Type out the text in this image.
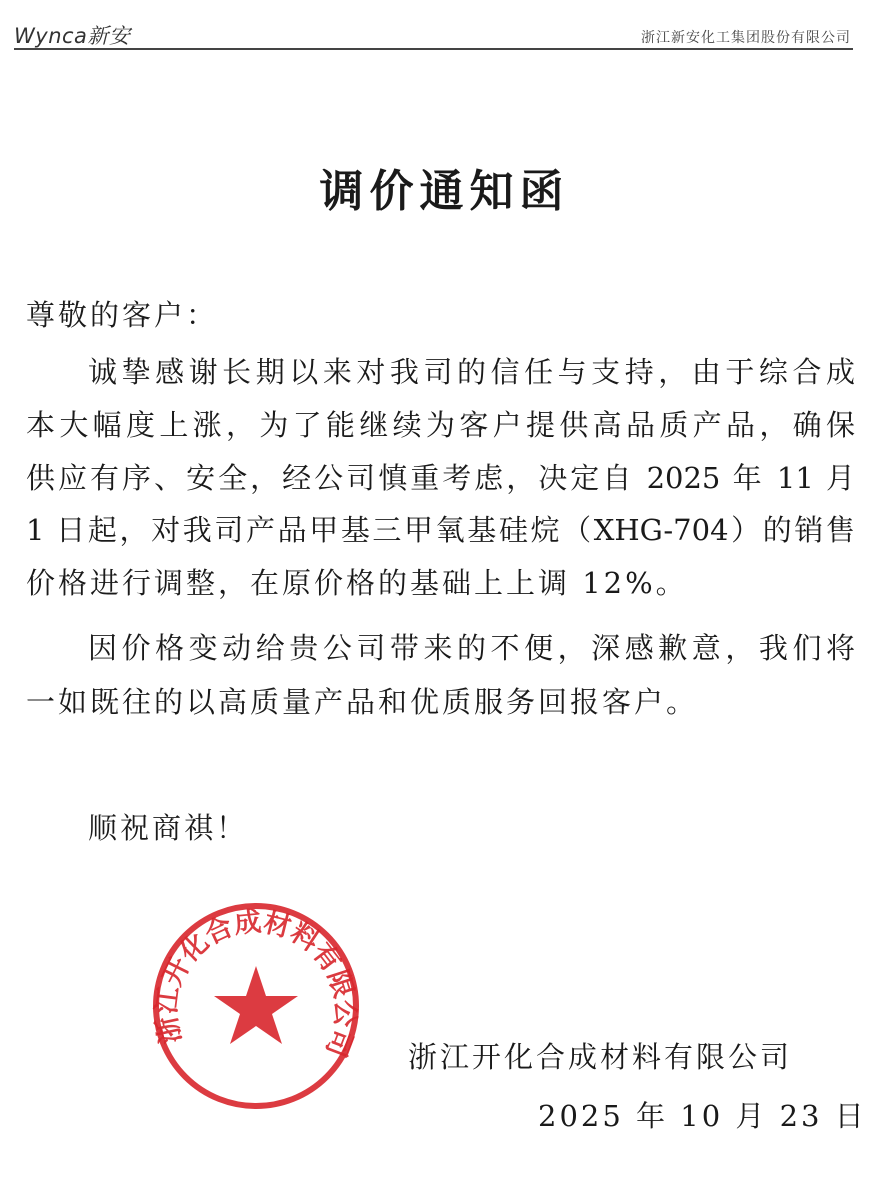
Wynca新安	浙江新安化工集团股份有限公司
调价通知函
尊敬的客户：
诚挚感谢长期以来对我司的信任与支持，由于综合成
本大幅度上涨，为了能继续为客户提供高品质产品，确保
供应有序、安全，经公司慎重考虑，决定自 2025 年 11 月
1 日起，对我司产品甲基三甲氧基硅烷（XHG-704）的销售
价格进行调整，在原价格的基础上上调 12%。
因价格变动给贵公司带来的不便，深感歉意，我们将
一如既往的以高质量产品和优质服务回报客户。
顺祝商祺！
浙江开化合成材料有限公司 浙江开化合成材料有限公司
2025 年 10 月 23 日
